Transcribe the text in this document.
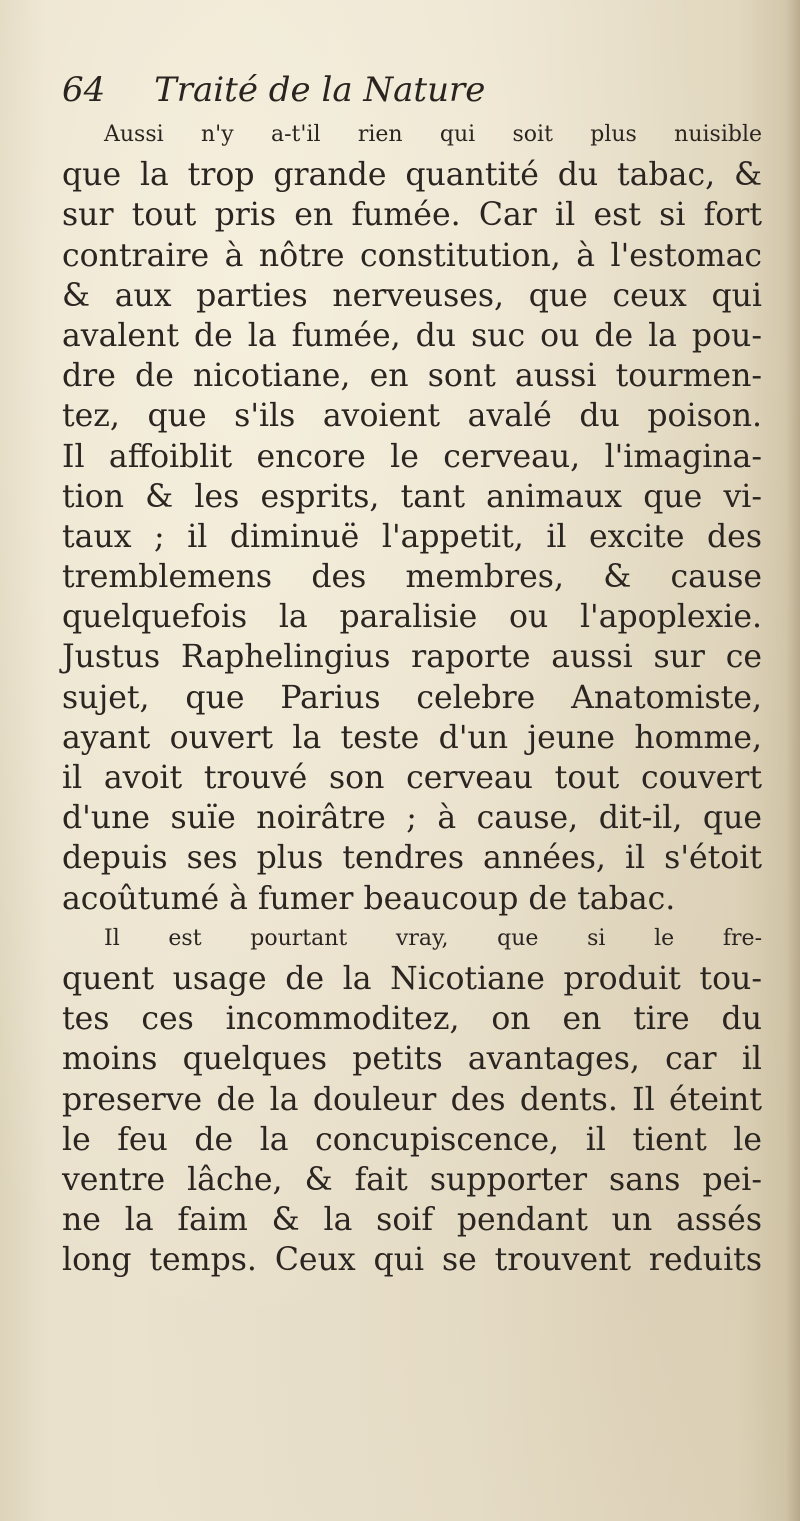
64 Traité de la Nature
Aussi n'y a-t'il rien qui soit plus nuisible
que la trop grande quantité du tabac, &
sur tout pris en fumée. Car il est si fort
contraire à nôtre constitution, à l'estomac
& aux parties nerveuses, que ceux qui
avalent de la fumée, du suc ou de la pou-
dre de nicotiane, en sont aussi tourmen-
tez, que s'ils avoient avalé du poison.
Il affoiblit encore le cerveau, l'imagina-
tion & les esprits, tant animaux que vi-
taux ; il diminuë l'appetit, il excite des
tremblemens des membres, & cause
quelquefois la paralisie ou l'apoplexie.
Justus Raphelingius raporte aussi sur ce
sujet, que Parius celebre Anatomiste,
ayant ouvert la teste d'un jeune homme,
il avoit trouvé son cerveau tout couvert
d'une suïe noirâtre ; à cause, dit-il, que
depuis ses plus tendres années, il s'étoit
acoûtumé à fumer beaucoup de tabac.
Il est pourtant vray, que si le fre-
quent usage de la Nicotiane produit tou-
tes ces incommoditez, on en tire du
moins quelques petits avantages, car il
preserve de la douleur des dents. Il éteint
le feu de la concupiscence, il tient le
ventre lâche, & fait supporter sans pei-
ne la faim & la soif pendant un assés
long temps. Ceux qui se trouvent reduits
